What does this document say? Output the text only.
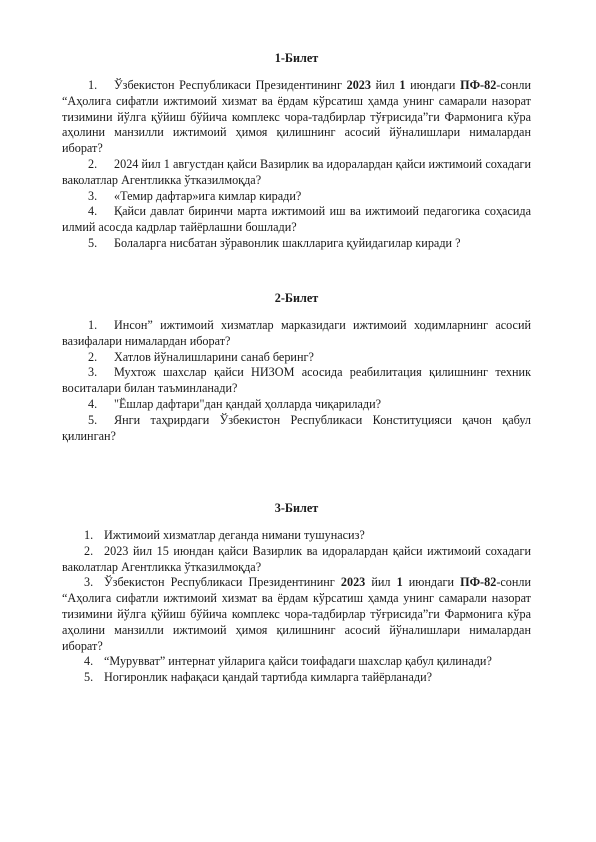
1-Билет

1. Ўзбекистон Республикаси Президентининг 2023 йил 1 июндаги ПФ-82-сонли “Аҳолига сифатли ижтимоий хизмат ва ёрдам кўрсатиш ҳамда унинг самарали назорат тизимини йўлга қўйиш бўйича комплекс чора-тадбирлар тўғрисида”ги Фармонига кўра аҳолини манзилли ижтимоий ҳимоя қилишнинг асосий йўналишлари нималардан иборат?

2. 2024 йил 1 августдан қайси Вазирлик ва идоралардан қайси ижтимоий сохадаги ваколатлар Агентликка ўтказилмоқда?

3. «Темир дафтар»ига кимлар киради?

4. Қайси давлат биринчи марта ижтимоий иш ва ижтимоий педагогика соҳасида илмий асосда кадрлар тайёрлашни бошлади?

5. Болаларга нисбатан зўравонлик шаклларига қуйидагилар киради ?

2-Билет

1. Инсон” ижтимоий хизматлар марказидаги ижтимоий ходимларнинг асосий вазифалари нималардан иборат?

2. Хатлов йўналишларини санаб беринг?

3. Мухтож шахслар қайси НИЗОМ асосида реабилитация қилишнинг техник воситалари билан таъминланади?

4. "Ёшлар дафтари"дан қандай ҳолларда чиқарилади?

5. Янги таҳрирдаги Ўзбекистон Республикаси Конституцияси қачон қабул қилинган?

3-Билет

1. Ижтимоий хизматлар деганда нимани тушунасиз?

2. 2023 йил 15 июндан қайси Вазирлик ва идоралардан қайси ижтимоий сохадаги ваколатлар Агентликка ўтказилмоқда?

3. Ўзбекистон Республикаси Президентининг 2023 йил 1 июндаги ПФ-82-сонли “Аҳолига сифатли ижтимоий хизмат ва ёрдам кўрсатиш ҳамда унинг самарали назорат тизимини йўлга қўйиш бўйича комплекс чора-тадбирлар тўғрисида”ги Фармонига кўра аҳолини манзилли ижтимоий ҳимоя қилишнинг асосий йўналишлари нималардан иборат?

4. “Мурувват” интернат уйларига қайси тоифадаги шахслар қабул қилинади?

5. Ногиронлик нафақаси қандай тартибда кимларга тайёрланади?
